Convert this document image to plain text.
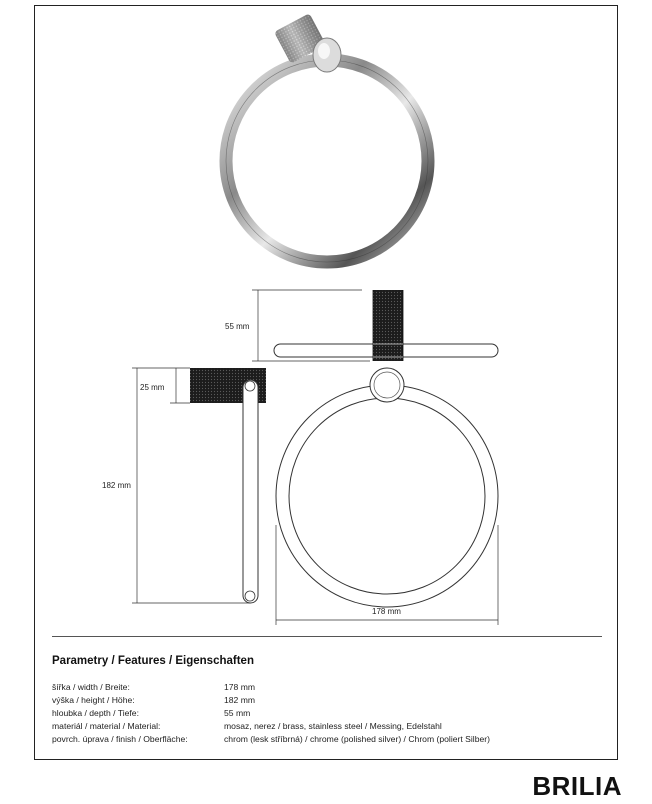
55 mm
25 mm
182 mm
178 mm
Parametry / Features / Eigenschaften
šířka / width / Breite:	178 mm
výška / height / Höhe:	182 mm
hloubka / depth / Tiefe:	55 mm
materiál / material / Material:	mosaz, nerez / brass, stainless steel / Messing, Edelstahl
povrch. úprava / finish / Oberfläche:	chrom (lesk stříbrná) / chrome (polished silver) / Chrom (poliert Silber)
BRILIA
